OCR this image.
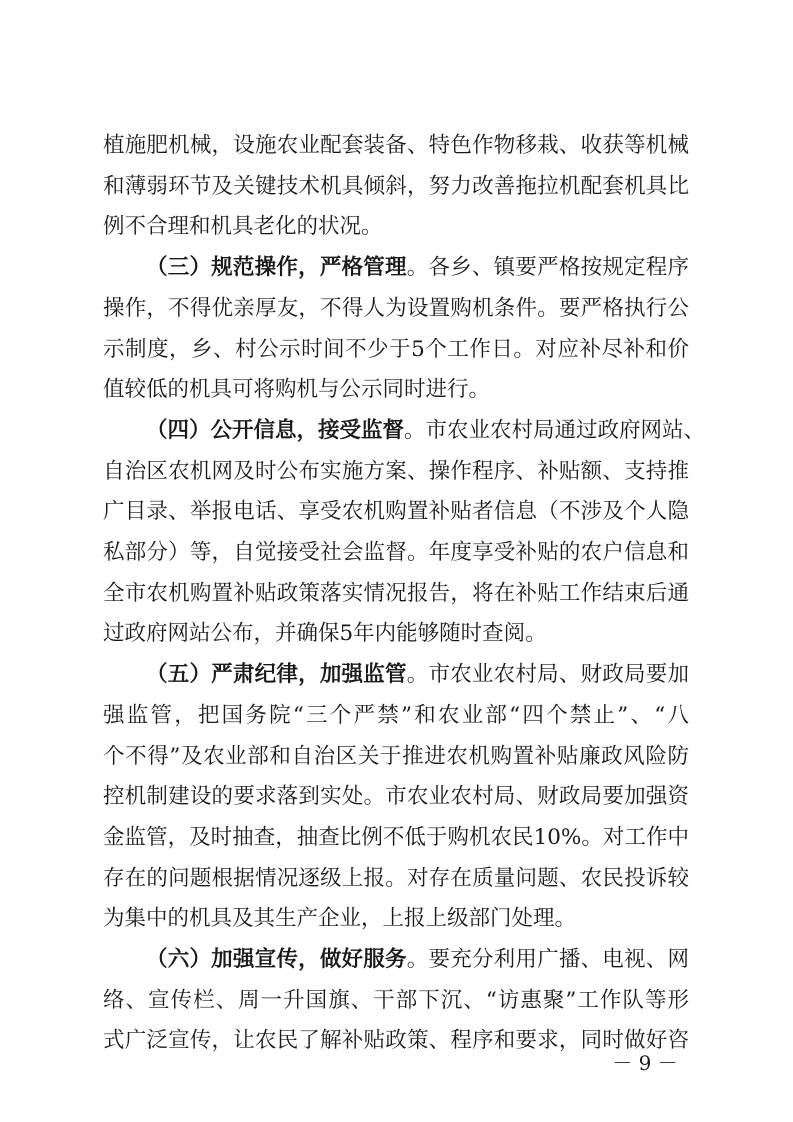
植施肥机械，设施农业配套装备、特色作物移栽、收获等机械
和薄弱环节及关键技术机具倾斜，努力改善拖拉机配套机具比
例不合理和机具老化的状况。
（三）规范操作，严格管理。各乡、镇要严格按规定程序
操作，不得优亲厚友，不得人为设置购机条件。要严格执行公
示制度，乡、村公示时间不少于5个工作日。对应补尽补和价
值较低的机具可将购机与公示同时进行。
（四）公开信息，接受监督。市农业农村局通过政府网站、
自治区农机网及时公布实施方案、操作程序、补贴额、支持推
广目录、举报电话、享受农机购置补贴者信息（不涉及个人隐
私部分）等，自觉接受社会监督。年度享受补贴的农户信息和
全市农机购置补贴政策落实情况报告，将在补贴工作结束后通
过政府网站公布，并确保5年内能够随时查阅。
（五）严肃纪律，加强监管。市农业农村局、财政局要加
强监管，把国务院“三个严禁”和农业部“四个禁止”、“八
个不得”及农业部和自治区关于推进农机购置补贴廉政风险防
控机制建设的要求落到实处。市农业农村局、财政局要加强资
金监管，及时抽查，抽查比例不低于购机农民10%。对工作中
存在的问题根据情况逐级上报。对存在质量问题、农民投诉较
为集中的机具及其生产企业，上报上级部门处理。
（六）加强宣传，做好服务。要充分利用广播、电视、网
络、宣传栏、周一升国旗、干部下沉、“访惠聚”工作队等形
式广泛宣传，让农民了解补贴政策、程序和要求，同时做好咨
－ 9 －
